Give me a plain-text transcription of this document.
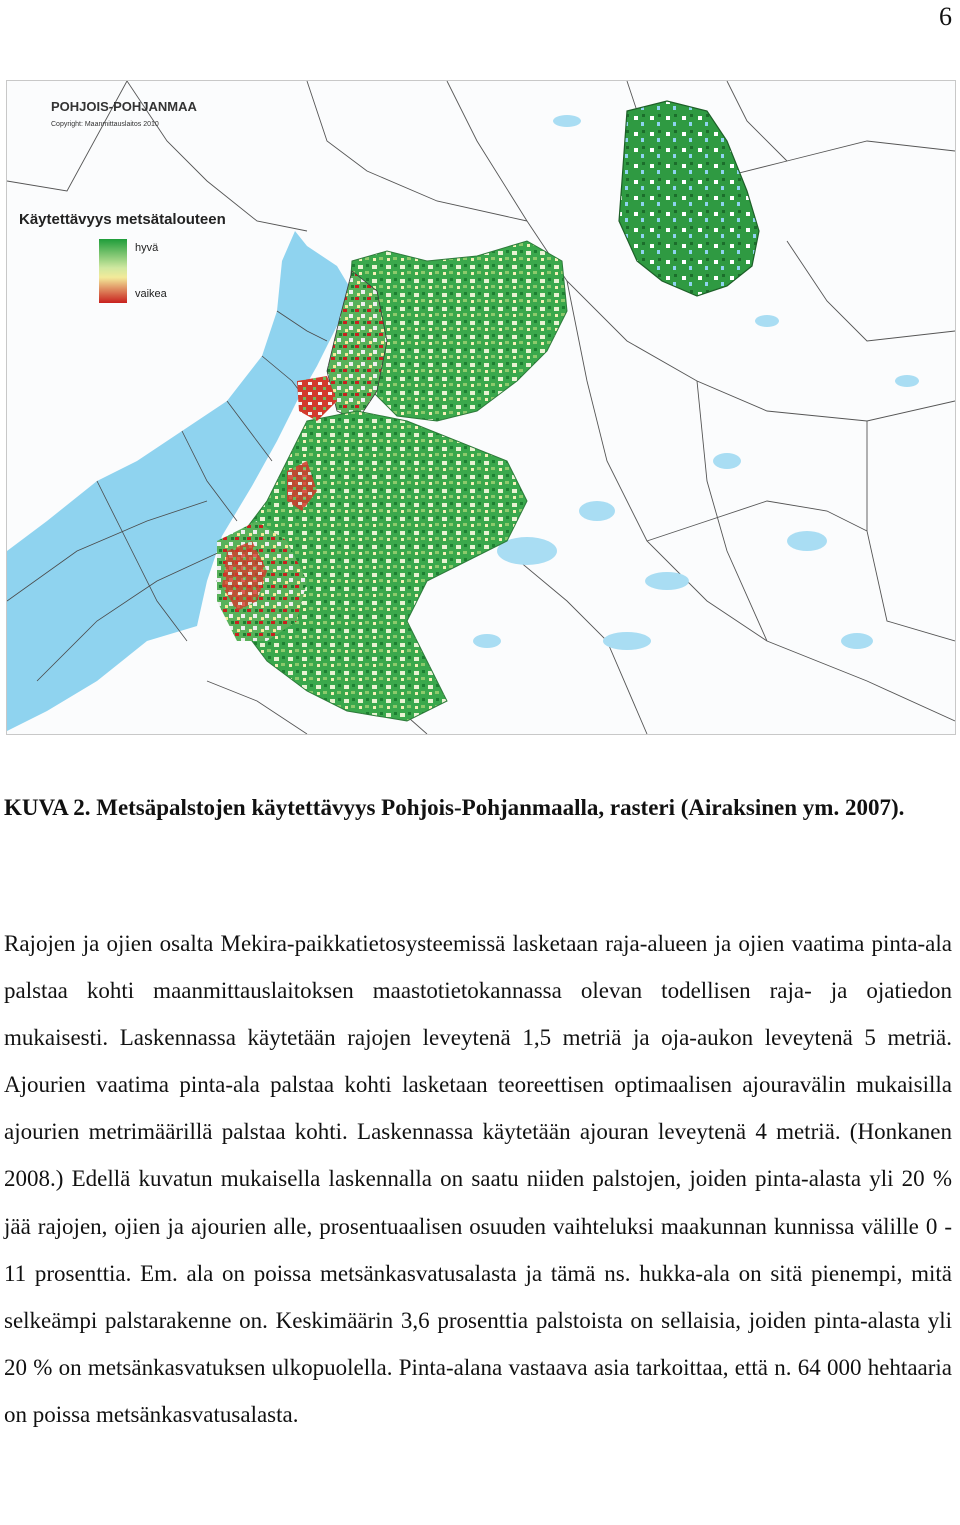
6
POHJOIS-POHJANMAA
Copyright: Maanmittauslaitos 2010
Käytettävyys metsätalouteen
hyvä
vaikea
KUVA 2. Metsäpalstojen käytettävyys Pohjois-Pohjanmaalla, rasteri (Airaksinen ym. 2007).
Rajojen ja ojien osalta Mekira-paikkatietosysteemissä lasketaan raja-alueen ja ojien vaatima pinta-ala palstaa kohti maanmittauslaitoksen maastotietokannassa olevan todellisen raja- ja ojatiedon mukaisesti. Laskennassa käytetään rajojen leveytenä 1,5 metriä ja oja-aukon leveytenä 5 metriä. Ajourien vaatima pinta-ala palstaa kohti lasketaan teoreettisen optimaalisen ajouravälin mukaisilla ajourien metrimäärillä palstaa kohti. Laskennassa käytetään ajouran leveytenä 4 metriä. (Honkanen 2008.) Edellä kuvatun mukaisella laskennalla on saatu niiden palstojen, joiden pinta-alasta yli 20 % jää rajojen, ojien ja ajourien alle, prosentuaalisen osuuden vaihteluksi maakunnan kunnissa välille 0 - 11 prosenttia. Em. ala on poissa metsänkasvatusalasta ja tämä ns. hukka-ala on sitä pienempi, mitä selkeämpi palstarakenne on. Keskimäärin 3,6 prosenttia palstoista on sellaisia, joiden pinta-alasta yli 20 % on metsänkasvatuksen ulkopuolella. Pinta-alana vastaava asia tarkoittaa, että n. 64 000 hehtaaria on poissa metsänkasvatusalasta.
